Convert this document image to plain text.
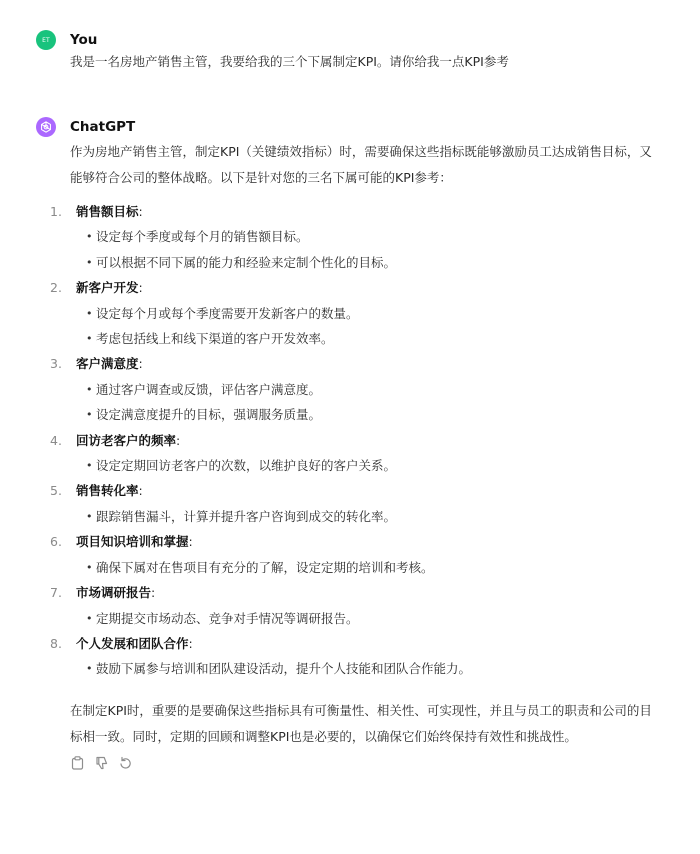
ET You
我是一名房地产销售主管，我要给我的三个下属制定KPI。请你给我一点KPI参考
ChatGPT

作为房地产销售主管，制定KPI（关键绩效指标）时，需要确保这些指标既能够激励员工达成销售目标，又能够符合公司的整体战略。以下是针对您的三名下属可能的KPI参考：

1.	销售额目标:
• 设定每个季度或每个月的销售额目标。
• 可以根据不同下属的能力和经验来定制个性化的目标。
2.	新客户开发:
• 设定每个月或每个季度需要开发新客户的数量。
• 考虑包括线上和线下渠道的客户开发效率。
3.	客户满意度:
• 通过客户调查或反馈，评估客户满意度。
• 设定满意度提升的目标，强调服务质量。
4.	回访老客户的频率:
• 设定定期回访老客户的次数，以维护良好的客户关系。
5.	销售转化率:
• 跟踪销售漏斗，计算并提升客户咨询到成交的转化率。
6.	项目知识培训和掌握:
• 确保下属对在售项目有充分的了解，设定定期的培训和考核。
7.	市场调研报告:
• 定期提交市场动态、竞争对手情况等调研报告。
8.	个人发展和团队合作:
• 鼓励下属参与培训和团队建设活动，提升个人技能和团队合作能力。

在制定KPI时，重要的是要确保这些指标具有可衡量性、相关性、可实现性，并且与员工的职责和公司的目标相一致。同时，定期的回顾和调整KPI也是必要的，以确保它们始终保持有效性和挑战性。
